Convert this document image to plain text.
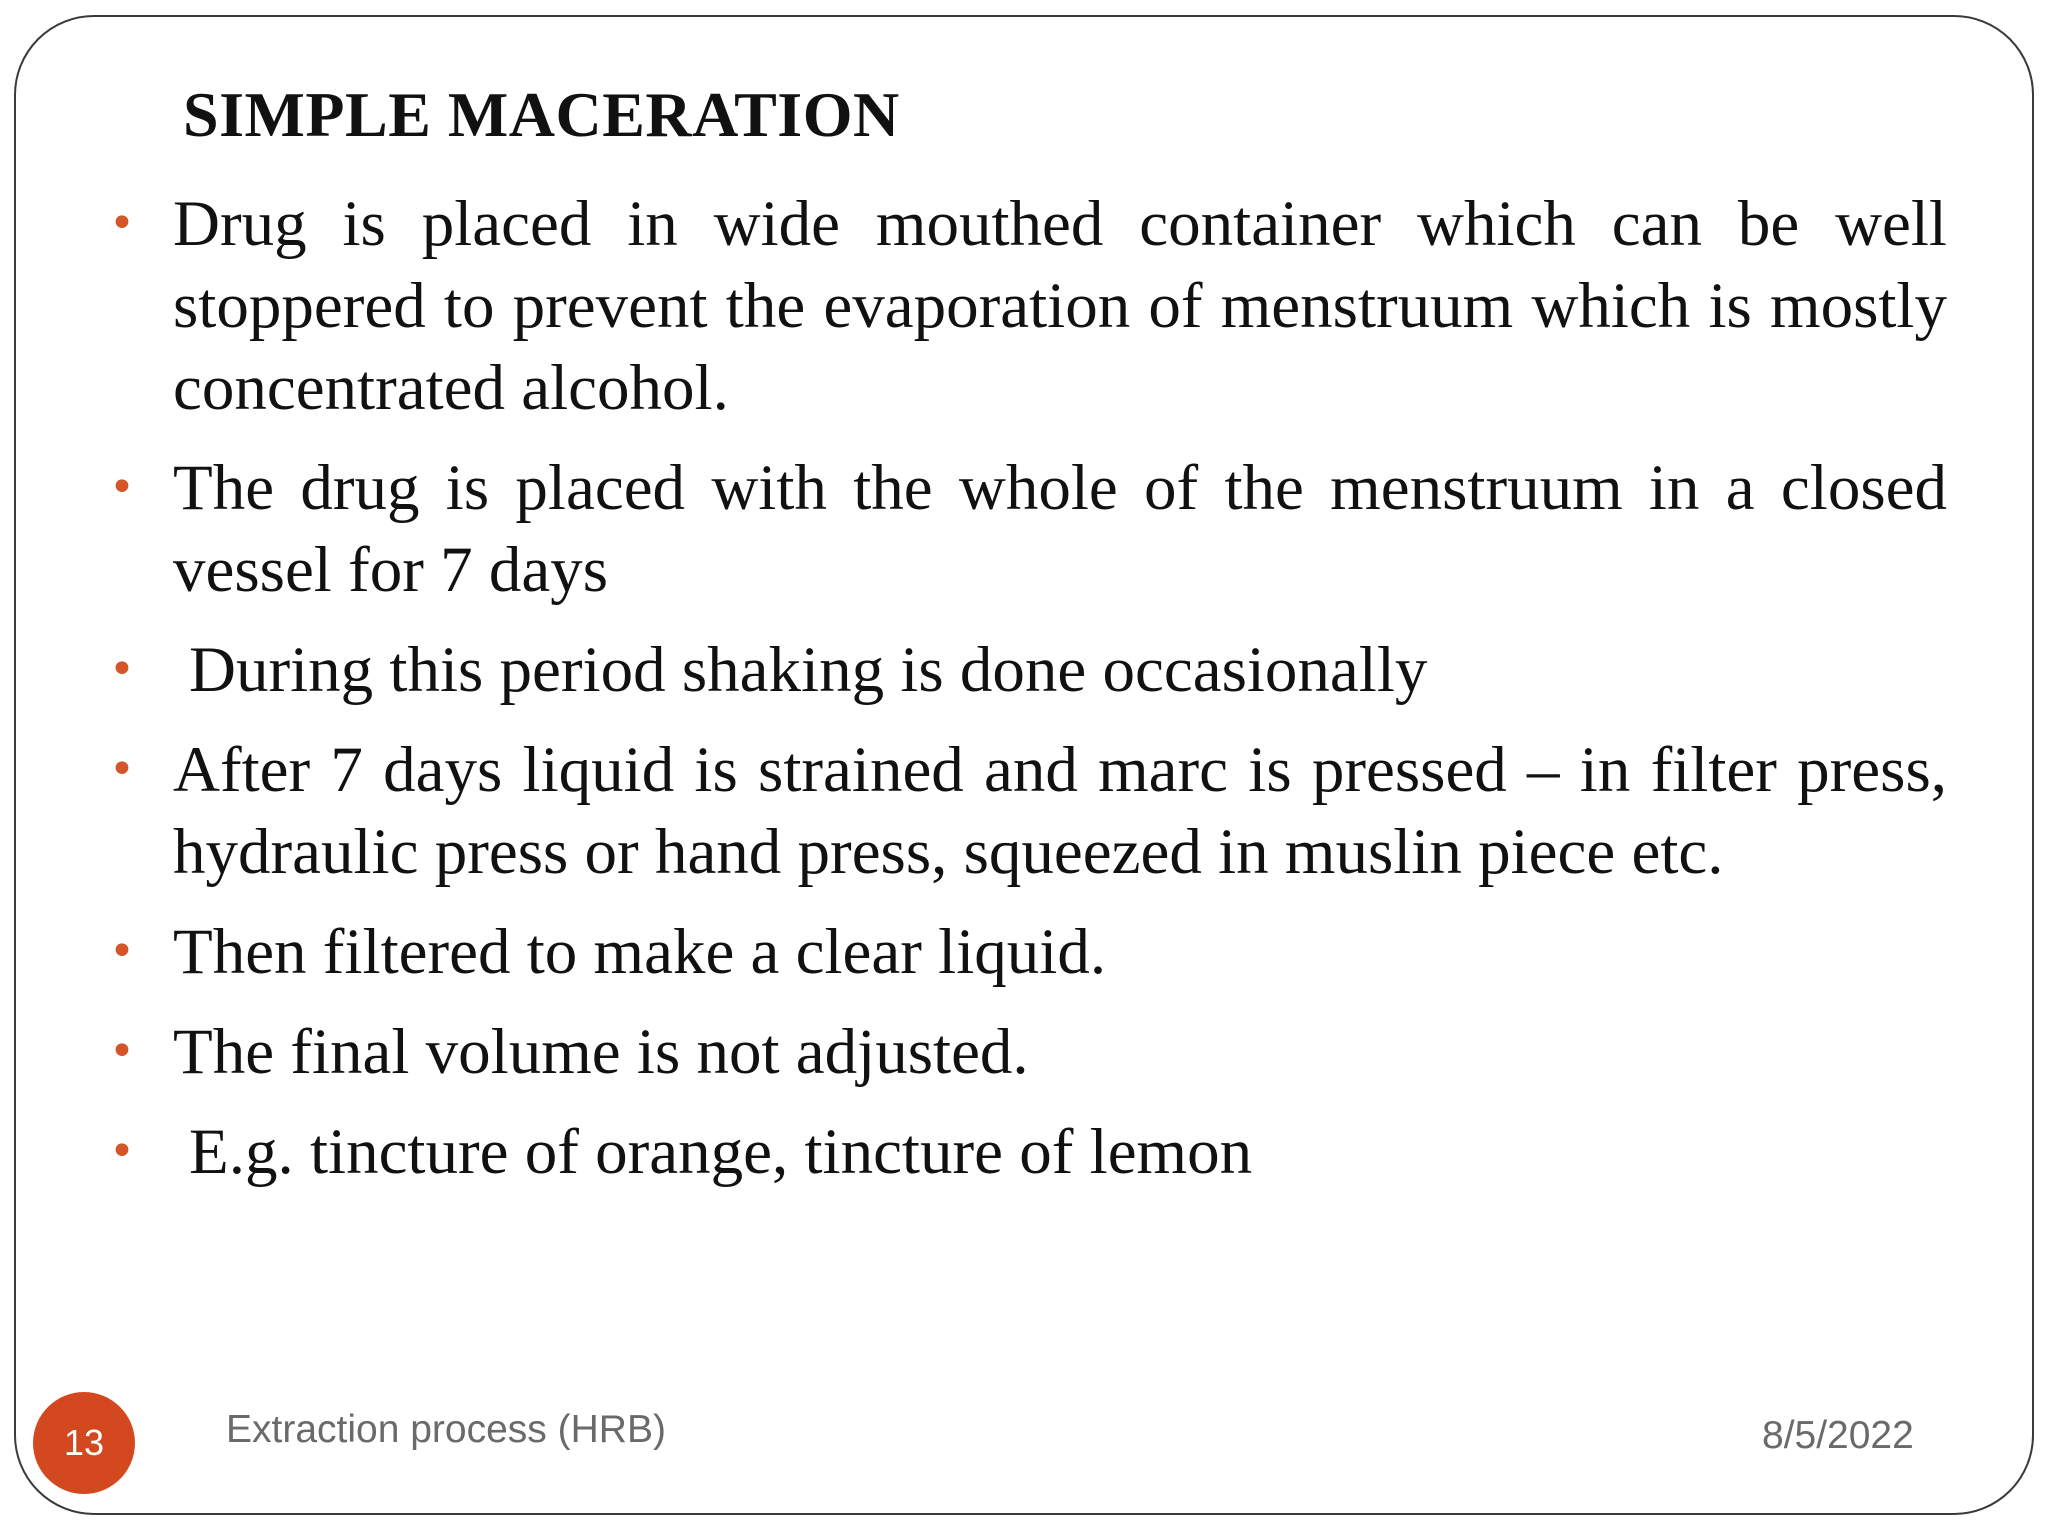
SIMPLE MACERATION
• Drug is placed in wide mouthed container which can be well stoppered to prevent the evaporation of menstruum which is mostly concentrated alcohol.
• The drug is placed with the whole of the menstruum in a closed vessel for 7 days
• During this period shaking is done occasionally
• After 7 days liquid is strained and marc is pressed – in filter press, hydraulic press or hand press, squeezed in muslin piece etc.
• Then filtered to make a clear liquid.
• The final volume is not adjusted.
• E.g. tincture of orange, tincture of lemon
13	Extraction process (HRB)	8/5/2022
